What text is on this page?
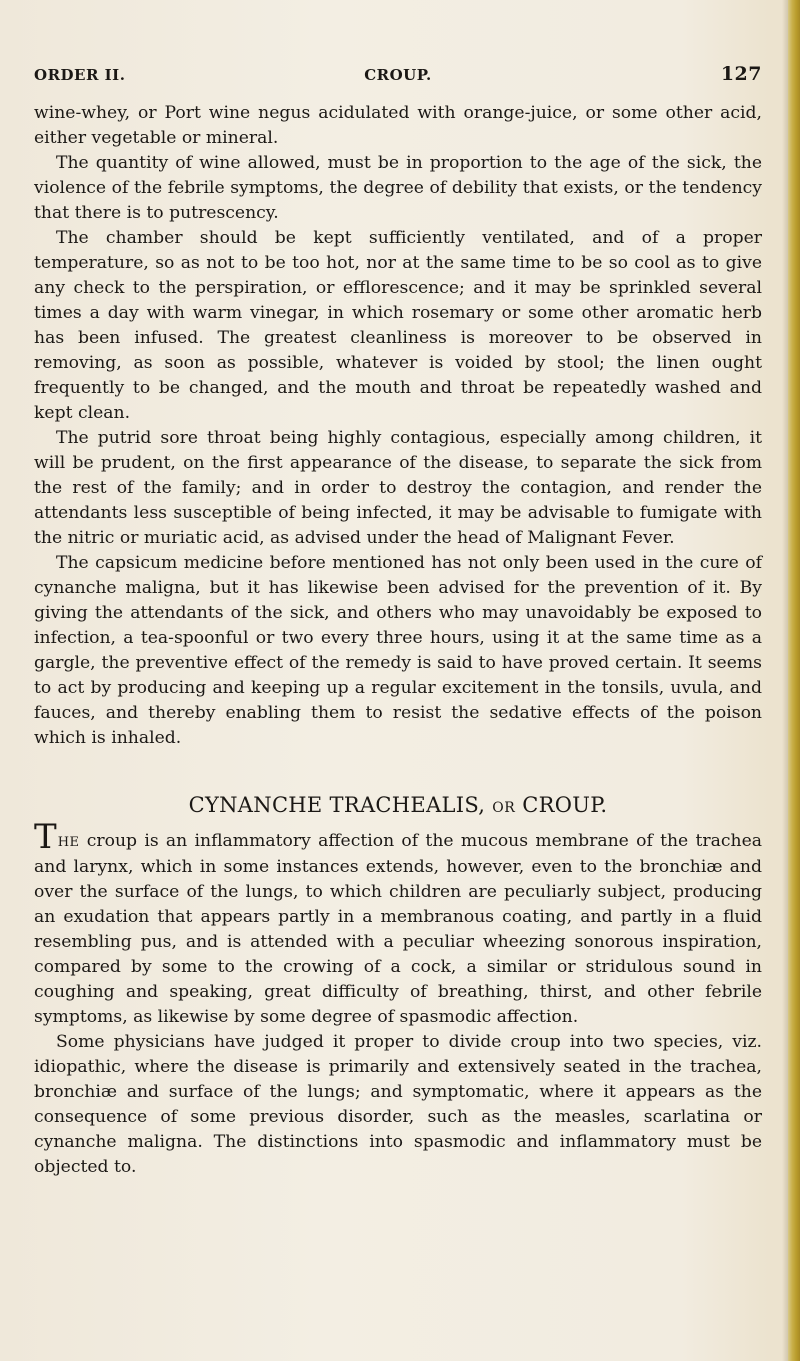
ORDER II.	CROUP.	127

wine-whey, or Port wine negus acidulated with orange-juice, or some other acid, either vegetable or mineral.

The quantity of wine allowed, must be in proportion to the age of the sick, the violence of the febrile symptoms, the degree of debility that exists, or the tendency that there is to putrescency.

The chamber should be kept sufficiently ventilated, and of a proper temperature, so as not to be too hot, nor at the same time to be so cool as to give any check to the perspiration, or efflorescence; and it may be sprinkled several times a day with warm vinegar, in which rosemary or some other aromatic herb has been infused. The greatest cleanliness is moreover to be observed in removing, as soon as possible, whatever is voided by stool; the linen ought frequently to be changed, and the mouth and throat be repeatedly washed and kept clean.

The putrid sore throat being highly contagious, especially among children, it will be prudent, on the first appearance of the disease, to separate the sick from the rest of the family; and in order to destroy the contagion, and render the attendants less susceptible of being infected, it may be advisable to fumigate with the nitric or muriatic acid, as advised under the head of Malignant Fever.

The capsicum medicine before mentioned has not only been used in the cure of cynanche maligna, but it has likewise been advised for the prevention of it. By giving the attendants of the sick, and others who may unavoidably be exposed to infection, a tea-spoonful or two every three hours, using it at the same time as a gargle, the preventive effect of the remedy is said to have proved certain. It seems to act by producing and keeping up a regular excitement in the tonsils, uvula, and fauces, and thereby enabling them to resist the sedative effects of the poison which is inhaled.

CYNANCHE TRACHEALIS, OR CROUP.

THE croup is an inflammatory affection of the mucous membrane of the trachea and larynx, which in some instances extends, however, even to the bronchiæ and over the surface of the lungs, to which children are peculiarly subject, producing an exudation that appears partly in a membranous coating, and partly in a fluid resembling pus, and is attended with a peculiar wheezing sonorous inspiration, compared by some to the crowing of a cock, a similar or stridulous sound in coughing and speaking, great difficulty of breathing, thirst, and other febrile symptoms, as likewise by some degree of spasmodic affection.

Some physicians have judged it proper to divide croup into two species, viz. idiopathic, where the disease is primarily and extensively seated in the trachea, bronchiæ and surface of the lungs; and symptomatic, where it appears as the consequence of some previous disorder, such as the measles, scarlatina or cynanche maligna. The distinctions into spasmodic and inflammatory must be objected to.
